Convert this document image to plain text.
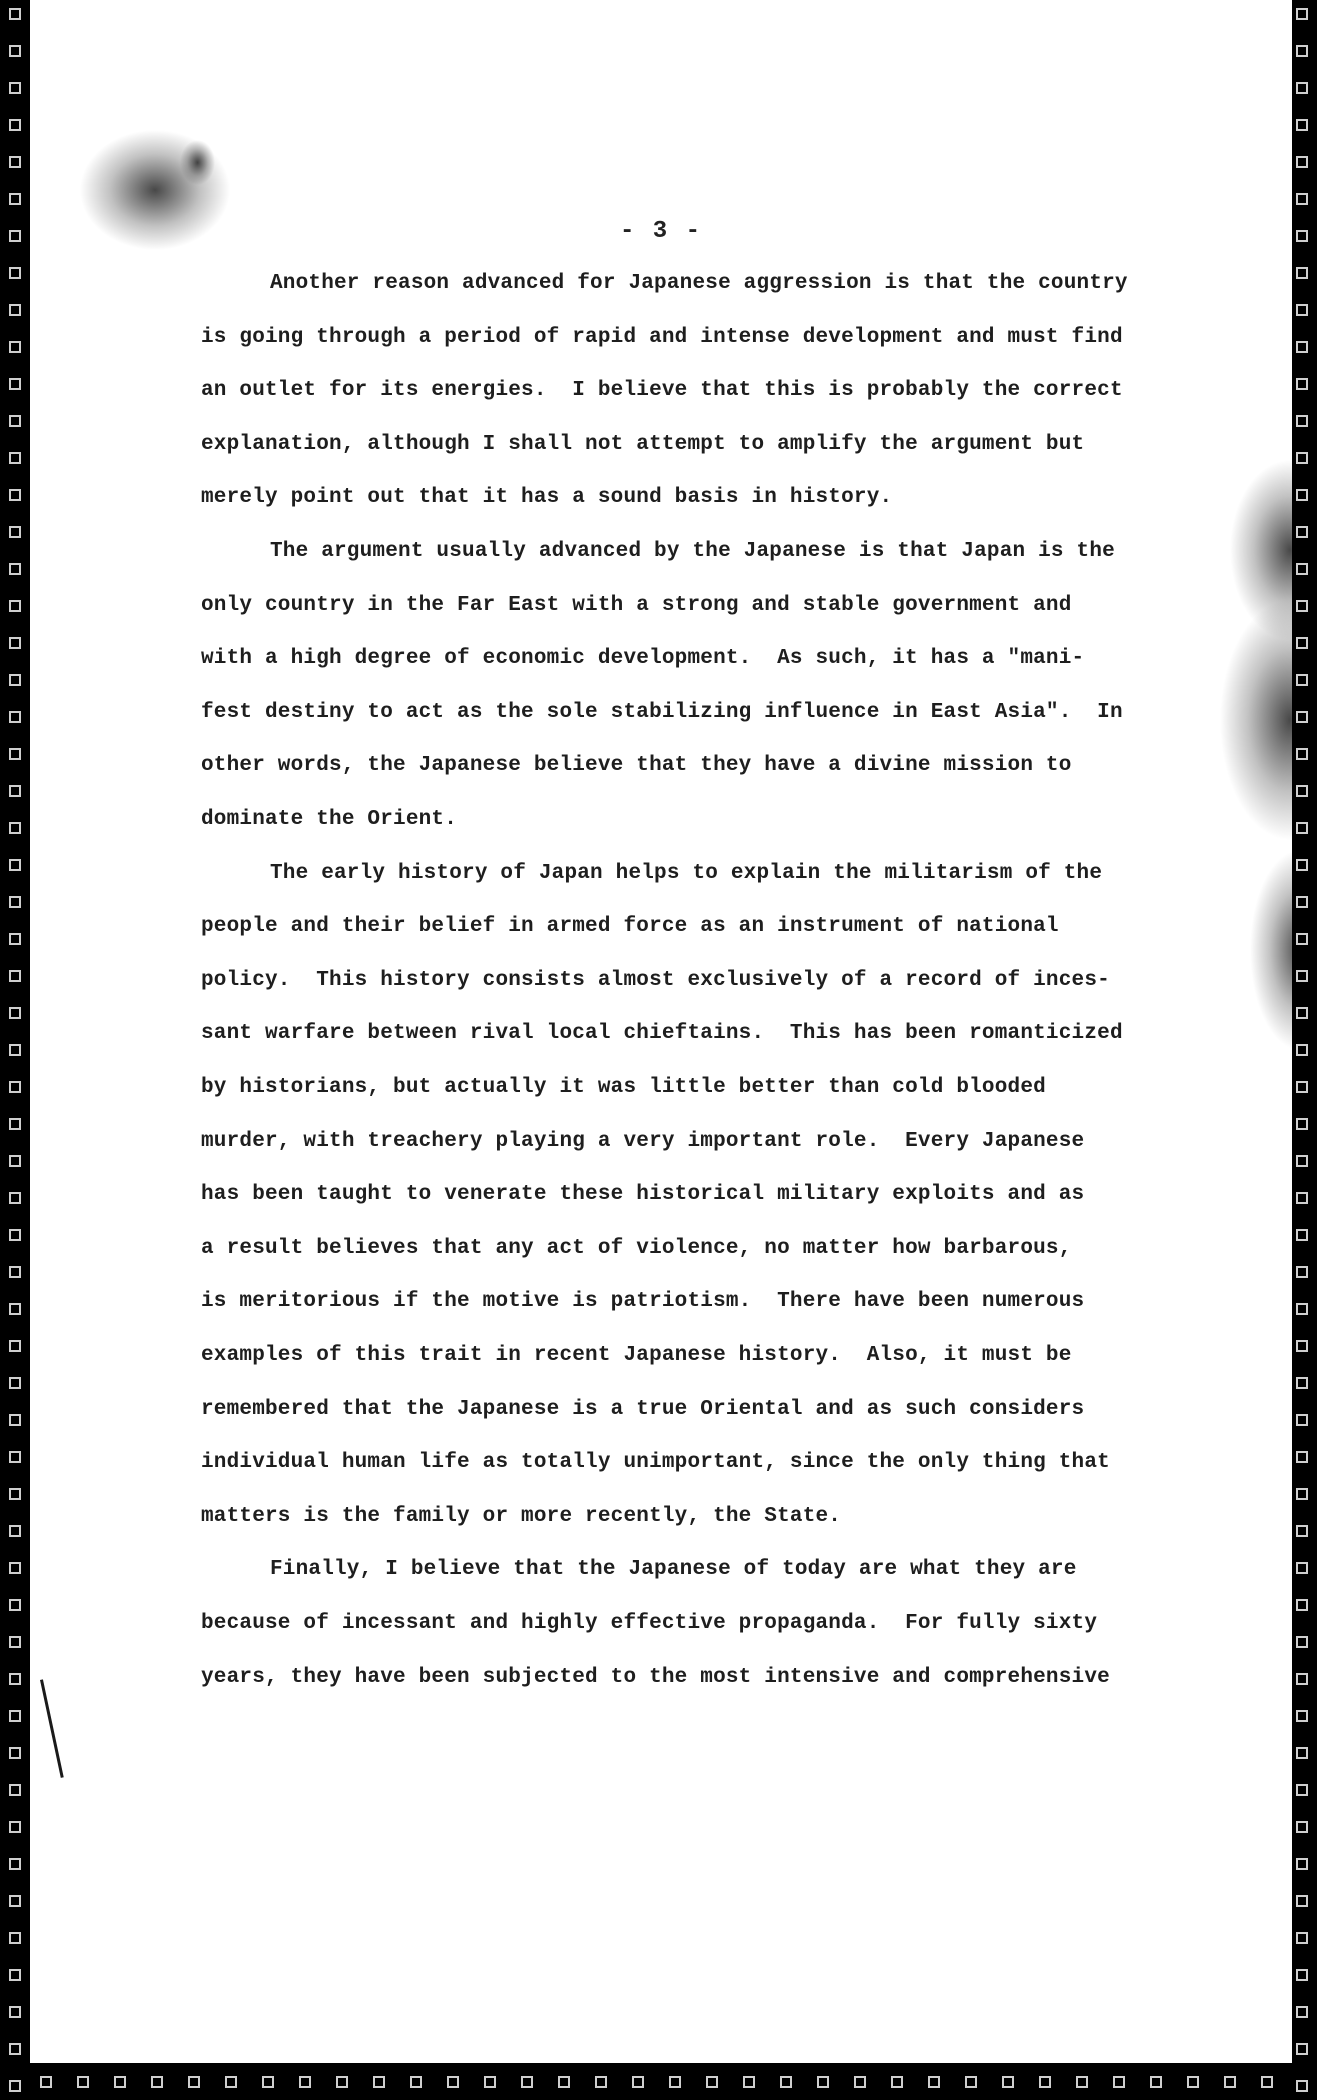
- 3 -
Another reason advanced for Japanese aggression is that the country
is going through a period of rapid and intense development and must find
an outlet for its energies.  I believe that this is probably the correct
explanation, although I shall not attempt to amplify the argument but
merely point out that it has a sound basis in history.
The argument usually advanced by the Japanese is that Japan is the
only country in the Far East with a strong and stable government and
with a high degree of economic development.  As such, it has a "mani-
fest destiny to act as the sole stabilizing influence in East Asia".  In
other words, the Japanese believe that they have a divine mission to
dominate the Orient.
The early history of Japan helps to explain the militarism of the
people and their belief in armed force as an instrument of national
policy.  This history consists almost exclusively of a record of inces-
sant warfare between rival local chieftains.  This has been romanticized
by historians, but actually it was little better than cold blooded
murder, with treachery playing a very important role.  Every Japanese
has been taught to venerate these historical military exploits and as
a result believes that any act of violence, no matter how barbarous,
is meritorious if the motive is patriotism.  There have been numerous
examples of this trait in recent Japanese history.  Also, it must be
remembered that the Japanese is a true Oriental and as such considers
individual human life as totally unimportant, since the only thing that
matters is the family or more recently, the State.
Finally, I believe that the Japanese of today are what they are
because of incessant and highly effective propaganda.  For fully sixty
years, they have been subjected to the most intensive and comprehensive
